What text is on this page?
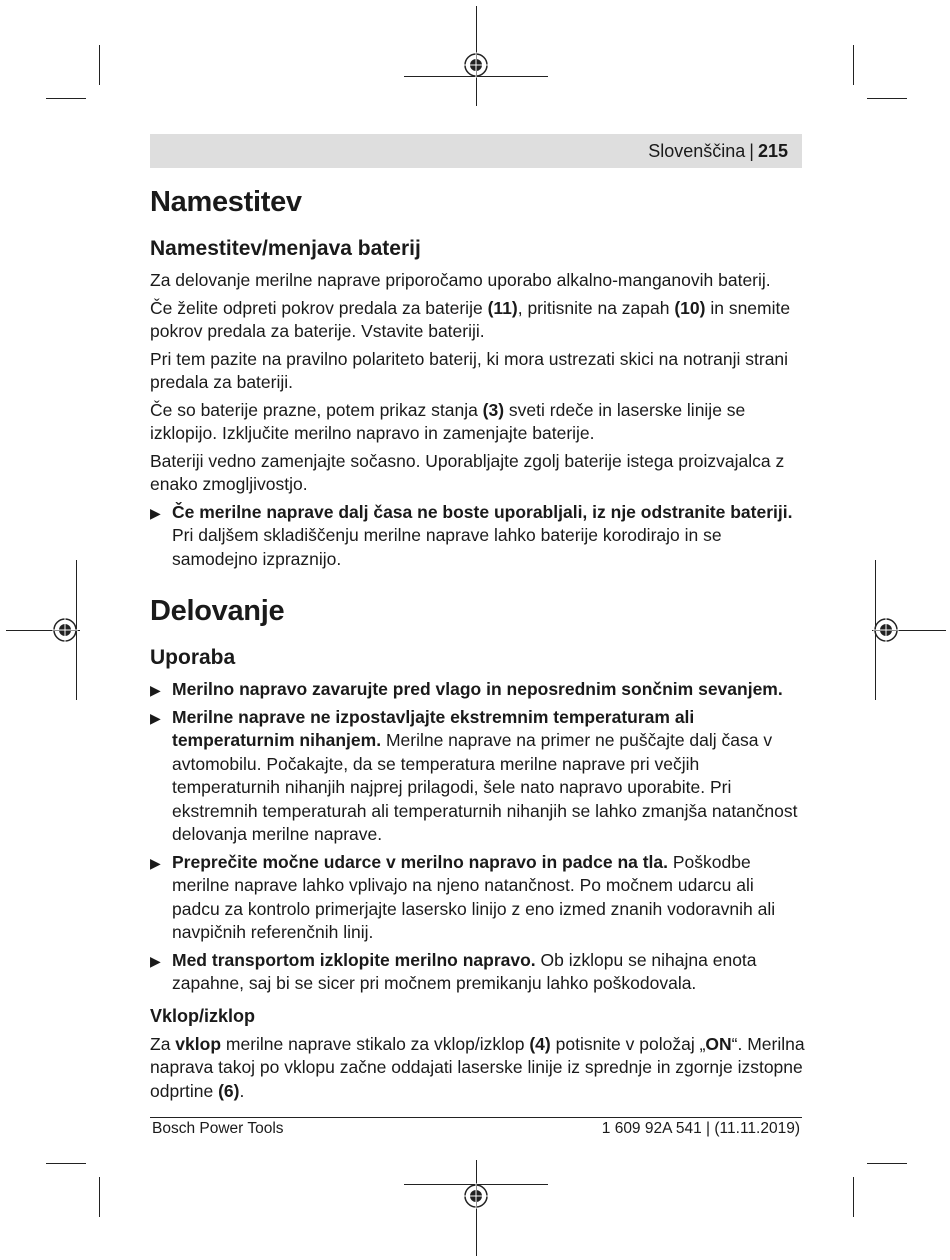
Slovenščina | 215
Namestitev
Namestitev/menjava baterij

Za delovanje merilne naprave priporočamo uporabo alkalno-manganovih baterij.

Če želite odpreti pokrov predala za baterije (11), pritisnite na zapah (10) in snemite pokrov predala za baterije. Vstavite bateriji.

Pri tem pazite na pravilno polariteto baterij, ki mora ustrezati skici na notranji strani predala za bateriji.

Če so baterije prazne, potem prikaz stanja (3) sveti rdeče in laserske linije se izklopijo. Izključite merilno napravo in zamenjajte baterije.

Bateriji vedno zamenjajte sočasno. Uporabljajte zgolj baterije istega proizvajalca z enako zmogljivostjo.

▶ Če merilne naprave dalj časa ne boste uporabljali, iz nje odstranite bateriji. Pri daljšem skladiščenju merilne naprave lahko baterije korodirajo in se samodejno izpraznijo.

Delovanje
Uporaba

▶ Merilno napravo zavarujte pred vlago in neposrednim sončnim sevanjem.

▶ Merilne naprave ne izpostavljajte ekstremnim temperaturam ali temperaturnim nihanjem. Merilne naprave na primer ne puščajte dalj časa v avtomobilu. Počakajte, da se temperatura merilne naprave pri večjih temperaturnih nihanjih najprej prilagodi, šele nato napravo uporabite. Pri ekstremnih temperaturah ali temperaturnih nihanjih se lahko zmanjša natančnost delovanja merilne naprave.

▶ Preprečite močne udarce v merilno napravo in padce na tla. Poškodbe merilne naprave lahko vplivajo na njeno natančnost. Po močnem udarcu ali padcu za kontrolo primerjajte lasersko linijo z eno izmed znanih vodoravnih ali navpičnih referenčnih linij.

▶ Med transportom izklopite merilno napravo. Ob izklopu se nihajna enota zapahne, saj bi se sicer pri močnem premikanju lahko poškodovala.

Vklop/izklop

Za vklop merilne naprave stikalo za vklop/izklop (4) potisnite v položaj „ON“. Merilna naprava takoj po vklopu začne oddajati laserske linije iz sprednje in zgornje izstopne odprtine (6).

Bosch Power Tools	1 609 92A 541 | (11.11.2019)
